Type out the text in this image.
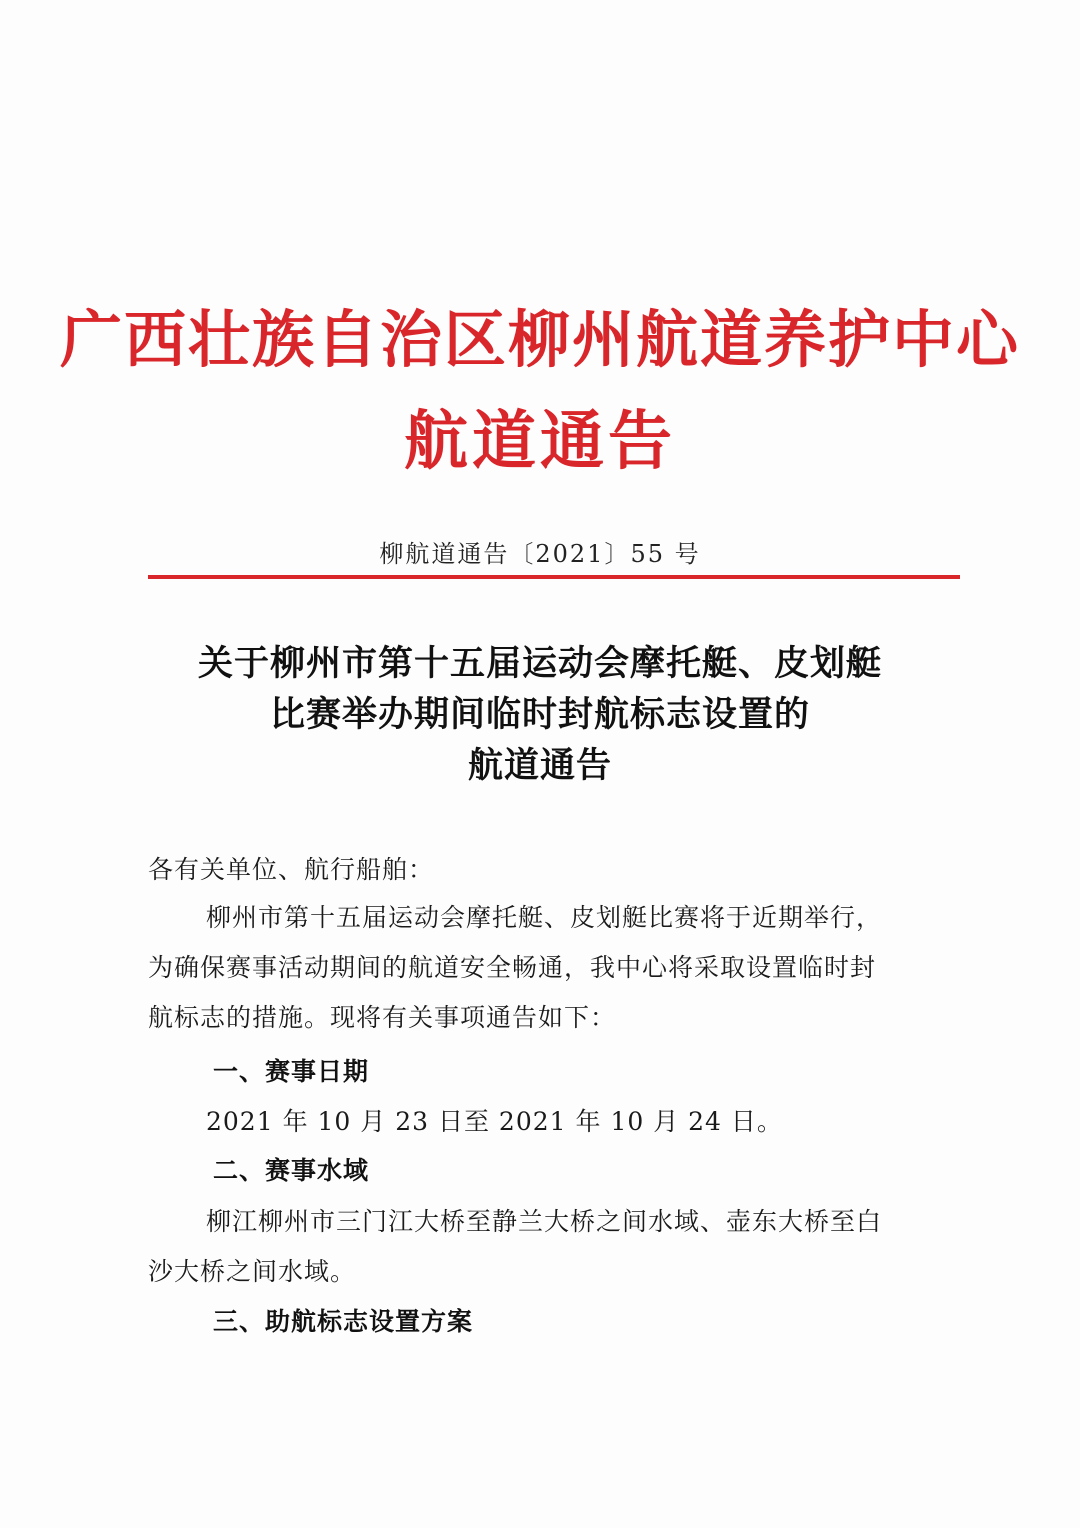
广西壮族自治区柳州航道养护中心
航道通告
柳航道通告〔2021〕55 号
关于柳州市第十五届运动会摩托艇、皮划艇
比赛举办期间临时封航标志设置的
航道通告
各有关单位、航行船舶：
柳州市第十五届运动会摩托艇、皮划艇比赛将于近期举行，
为确保赛事活动期间的航道安全畅通，我中心将采取设置临时封
航标志的措施。现将有关事项通告如下：
一、赛事日期
2021 年 10 月 23 日至 2021 年 10 月 24 日。
二、赛事水域
柳江柳州市三门江大桥至静兰大桥之间水域、壶东大桥至白
沙大桥之间水域。
三、助航标志设置方案
